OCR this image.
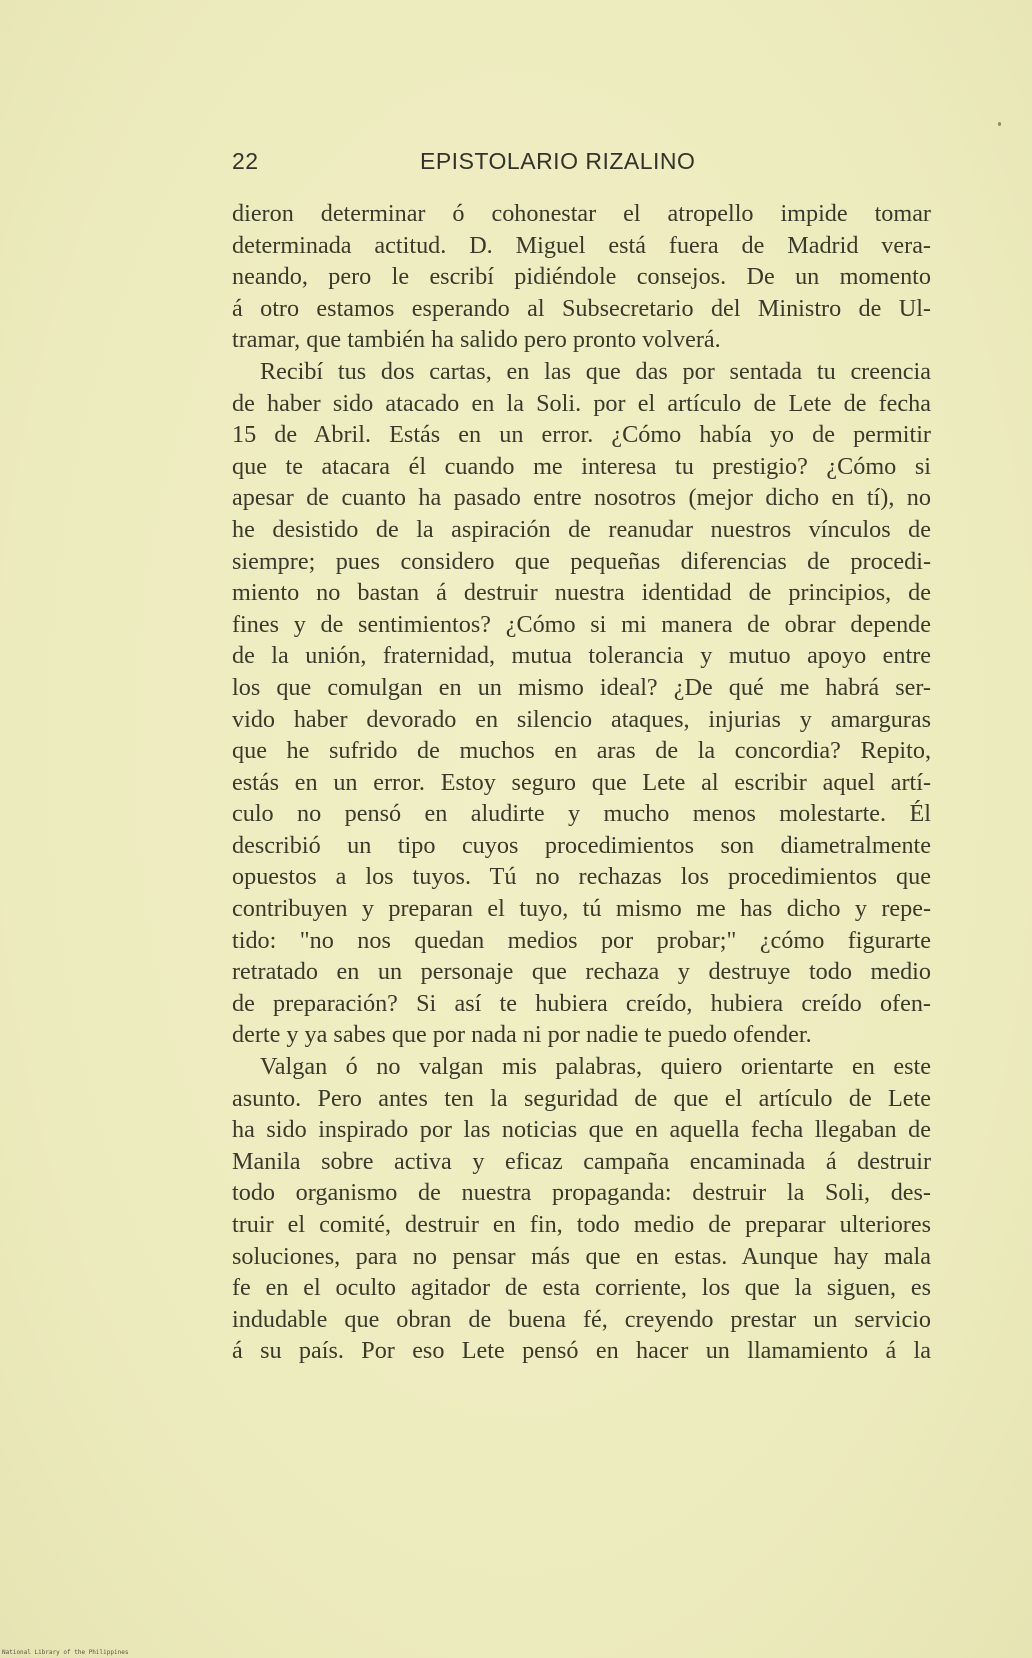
22	EPISTOLARIO RIZALINO
dieron determinar ó cohonestar el atropello impide tomar
determinada actitud. D. Miguel está fuera de Madrid vera-
neando, pero le escribí pidiéndole consejos. De un momento
á otro estamos esperando al Subsecretario del Ministro de Ul-
tramar, que también ha salido pero pronto volverá.
Recibí tus dos cartas, en las que das por sentada tu creencia
de haber sido atacado en la Soli. por el artículo de Lete de fecha
15 de Abril. Estás en un error. ¿Cómo había yo de permitir
que te atacara él cuando me interesa tu prestigio? ¿Cómo si
apesar de cuanto ha pasado entre nosotros (mejor dicho en tí), no
he desistido de la aspiración de reanudar nuestros vínculos de
siempre; pues considero que pequeñas diferencias de procedi-
miento no bastan á destruir nuestra identidad de principios, de
fines y de sentimientos? ¿Cómo si mi manera de obrar depende
de la unión, fraternidad, mutua tolerancia y mutuo apoyo entre
los que comulgan en un mismo ideal? ¿De qué me habrá ser-
vido haber devorado en silencio ataques, injurias y amarguras
que he sufrido de muchos en aras de la concordia? Repito,
estás en un error. Estoy seguro que Lete al escribir aquel artí-
culo no pensó en aludirte y mucho menos molestarte. Él
describió un tipo cuyos procedimientos son diametralmente
opuestos a los tuyos. Tú no rechazas los procedimientos que
contribuyen y preparan el tuyo, tú mismo me has dicho y repe-
tido: "no nos quedan medios por probar;" ¿cómo figurarte
retratado en un personaje que rechaza y destruye todo medio
de preparación? Si así te hubiera creído, hubiera creído ofen-
derte y ya sabes que por nada ni por nadie te puedo ofender.
Valgan ó no valgan mis palabras, quiero orientarte en este
asunto. Pero antes ten la seguridad de que el artículo de Lete
ha sido inspirado por las noticias que en aquella fecha llegaban de
Manila sobre activa y eficaz campaña encaminada á destruir
todo organismo de nuestra propaganda: destruir la Soli, des-
truir el comité, destruir en fin, todo medio de preparar ulteriores
soluciones, para no pensar más que en estas. Aunque hay mala
fe en el oculto agitador de esta corriente, los que la siguen, es
indudable que obran de buena fé, creyendo prestar un servicio
á su país. Por eso Lete pensó en hacer un llamamiento á la
National Library of the Philippines
